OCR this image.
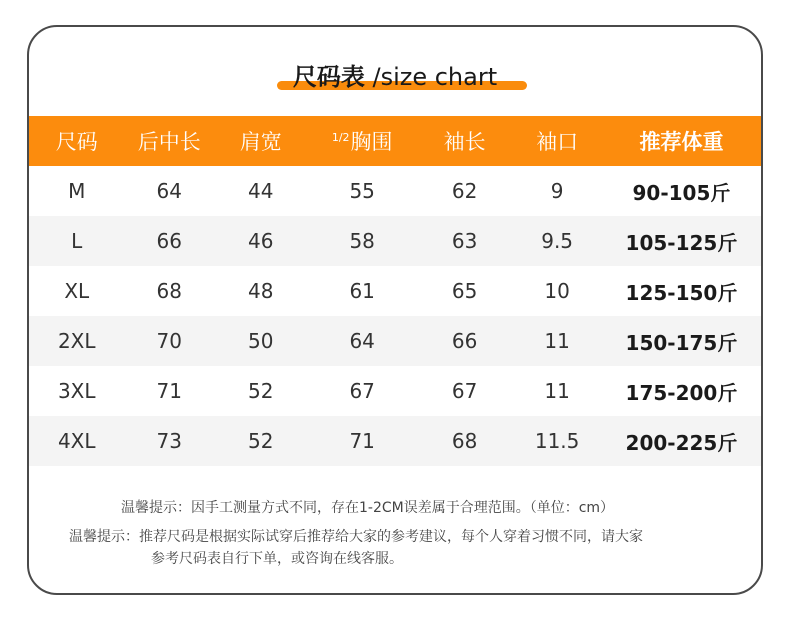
尺码表 /size chart
尺码	后中长	肩宽	$^{1/2}$ 胸围	袖长	袖口	推荐体重
M	64	44	55	62	9	90-105斤
L	66	46	58	63	9.5	105-125斤
XL	68	48	61	65	10	125-150斤
2XL	70	50	64	66	11	150-175斤
3XL	71	52	67	67	11	175-200斤
4XL	73	52	71	68	11.5	200-225斤
温馨提示：因手工测量方式不同，存在1-2CM误差属于合理范围。（单位：cm）
温馨提示：推荐尺码是根据实际试穿后推荐给大家的参考建议，每个人穿着习惯不同，请大家
参考尺码表自行下单，或咨询在线客服。
